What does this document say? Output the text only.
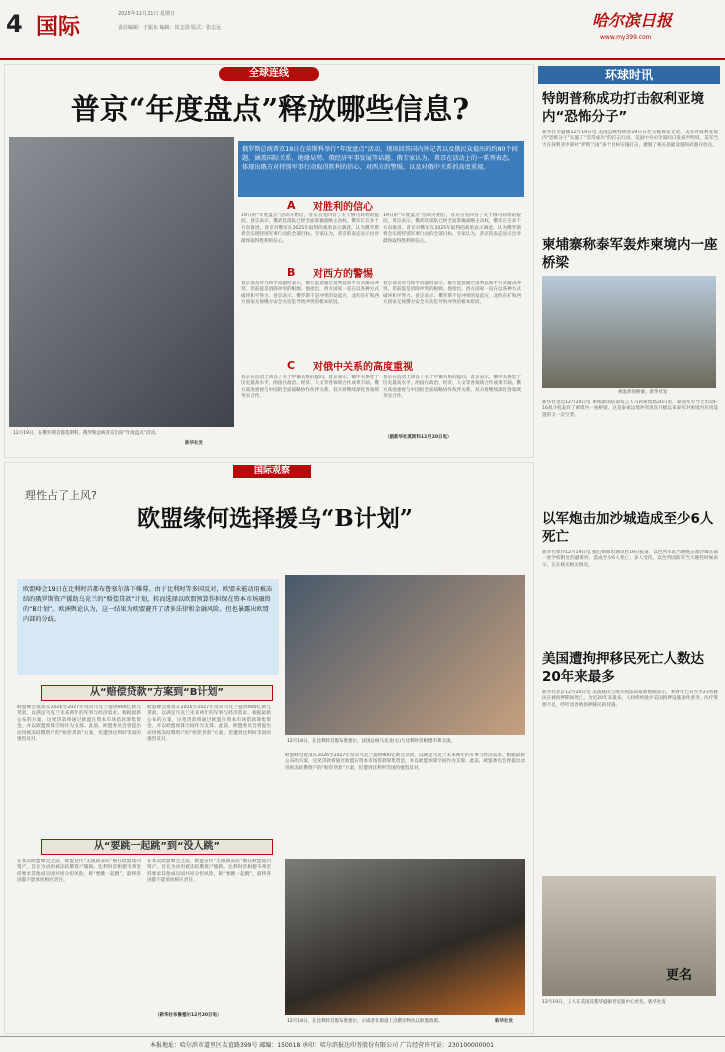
4 国际
2025年12月21日 星期日
责任编辑：于振东 编辑：崔志国 版式：张志远	哈尔滨日报
www.my399.com
全球连线
普京“年度盘点”释放哪些信息?
12月19日，在俄罗斯首都莫斯科，俄罗斯总统普京出席“年度盘点”活动。
新华社发
俄罗斯总统普京19日在莫斯科举行“年度盘点”活动，现场回答国内外记者以及俄民众提出的约80个问题，涵盖国际关系、地缘局势、俄经济军事发展等话题。俄专家认为，普京在活动上的一系列表态，体现出俄方对持别军事行动取得胜利的信心、对西方的警惕，以及对俄中关系的高度重视。
A 对胜利的信心
19日的“年度盘点”活动开始后，普京首先回答了关于俄乌局势的提问。普京表示，俄武装部队已经全面掌握战略主动权，俄军正在多个方向推进。普京对俄军在2025年取得的战果表示满意，认为俄罗斯将会实现特别军事行动的全部目标。专家认为，普京的表态显示出对最终取得胜利的信心。
19日的“年度盘点”活动开始后，普京首先回答了关于俄乌局势的提问。普京表示，俄武装部队已经全面掌握战略主动权，俄军正在多个方向推进。普京对俄军在2025年取得的战果表示满意，认为俄罗斯将会实现特别军事行动的全部目标。专家认为，普京的表态显示出对最终取得胜利的信心。
B 对西方的警惕
普京谈及对乌和平问题时表示，俄方愿意通过谈判以和平方式解决冲突，但前提是消除冲突的根源。他指出，西方国家一直在以各种方式破坏和平努力。普京表示，俄罗斯不是冲突的发起方，北约东扩和西方国家无视俄方安全关切是导致冲突的根本原因。
普京谈及对乌和平问题时表示，俄方愿意通过谈判以和平方式解决冲突，但前提是消除冲突的根源。他指出，西方国家一直在以各种方式破坏和平努力。普京表示，俄罗斯不是冲突的发起方，北约东扩和西方国家无视俄方安全关切是导致冲突的根本原因。
C 对俄中关系的高度重视
普京在活动上回答了关于中俄关系的提问。普京表示，俄中关系处于历史最高水平，两国在政治、经济、人文等各领域合作成果丰硕。俄方高度重视与中国的全面战略协作伙伴关系，双方将继续深化各领域务实合作。
普京在活动上回答了关于中俄关系的提问。普京表示，俄中关系处于历史最高水平，两国在政治、经济、人文等各领域合作成果丰硕。俄方高度重视与中国的全面战略协作伙伴关系，双方将继续深化各领域务实合作。
（据新华社莫斯科12月20日电）
国际观察
理性占了上风?
欧盟缘何选择援乌“B计划”
欧盟峰会19日在比利时首都布鲁塞尔落下帷幕。由于比利时等多国反对，欧盟未能动用被冻结的俄罗斯资产援助乌克兰的“赔偿贷款”计划，转而选择以欧盟预算作担保在资本市场融资的“B计划”。欧洲舆论认为，这一结果为欧盟避开了诸多法律和金融风险，但也暴露出欧盟内部的分歧。
12月18日，在比利时首都布鲁塞尔，法国总统马克龙(右)与比利时首相德韦弗交谈。
从“赔偿贷款”方案到“B计划”
欧盟峰会批准在2026至2027年度向乌克兰提供900亿欧元贷款，以满足乌克兰未来两年的军事与经济需求。根据最新公布的方案，这笔贷款将通过欧盟在资本市场借款筹集资金，并以欧盟预算空间作为支撑。此前，欧盟委员会曾提出动用被冻结俄资产的“赔偿贷款”方案，但遭到比利时等国的强烈反对。
欧盟峰会批准在2026至2027年度向乌克兰提供900亿欧元贷款，以满足乌克兰未来两年的军事与经济需求。根据最新公布的方案，这笔贷款将通过欧盟在资本市场借款筹集资金，并以欧盟预算空间作为支撑。此前，欧盟委员会曾提出动用被冻结俄资产的“赔偿贷款”方案，但遭到比利时等国的强烈反对。
欧盟峰会批准在2026至2027年度向乌克兰提供900亿欧元贷款，以满足乌克兰未来两年的军事与经济需求。根据最新公布的方案，这笔贷款将通过欧盟在资本市场借款筹集资金，并以欧盟预算空间作为支撑。此前，欧盟委员会曾提出动用被冻结俄资产的“赔偿贷款”方案，但遭到比利时等国的强烈反对。
从“要跳一起跳”到“没人跳”
在本次欧盟峰会之前，欧盟宣传“无限期冻结”俄在欧盟境内资产，旨在为动用被冻结俄资产铺路。比利时首相德韦弗坚持要求其他成员国共同分担风险，称“要跳一起跳”，最终各国都不愿承担相应责任。
在本次欧盟峰会之前，欧盟宣传“无限期冻结”俄在欧盟境内资产，旨在为动用被冻结俄资产铺路。比利时首相德韦弗坚持要求其他成员国共同分担风险，称“要跳一起跳”，最终各国都不愿承担相应责任。
（新华社布鲁塞尔12月20日电）
12月18日，在比利时首都布鲁塞尔，示威者在街道上点燃杂物抗议欧盟政策。	新华社发
环球时讯
特朗普称成功打击叙利亚境内“恐怖分子”
新华社华盛顿12月19日电 美国总统特朗普19日在社交媒体发文说，美军对叙利亚境内“恐怖分子”实施了“非常成功”的打击行动。美国中央司令部同日发表声明说，美军当天在叙利亚中部对“伊斯兰国”多个目标实施打击，摧毁了相关基础设施和武器存放点。
柬埔寨称泰军轰炸柬境内一座桥梁
被轰炸的桥梁。新华社发
新华社金边12月20日电 柬埔寨国防部发言人马莉索凯塔20日说，泰国军方当天出动F-16战斗机轰炸了柬境内一座桥梁。这是泰柬边境冲突再次升级以来泰军对柬境内民用设施的又一次空袭。
以军炮击加沙城造成至少6人死亡
新华社加沙12月19日电 据巴勒斯坦通讯社19日报道，以色列军队当晚炮击加沙城东部一处学校附近的避难所，造成至少6人死亡，多人受伤。以色列国防军当天晚些时候表示，正在核实相关情况。
美国遭拘押移民死亡人数达20年来最多
新华社北京12月20日电 美国移民与海关执法局最新数据显示，本财年已有至少23名移民在被拘押期间死亡，为近20年来最多。人权组织批评美国拘押设施条件恶劣、医疗资源不足，呼吁改善被拘押移民的待遇。
更名
12月19日，工人在美国首都华盛顿肯尼迪中心更名。新华社发
本报地址：哈尔滨市道里区友谊路399号 邮编：150018 承印：哈尔滨报达印务股份有限公司 广告经营许可证：230100000001
